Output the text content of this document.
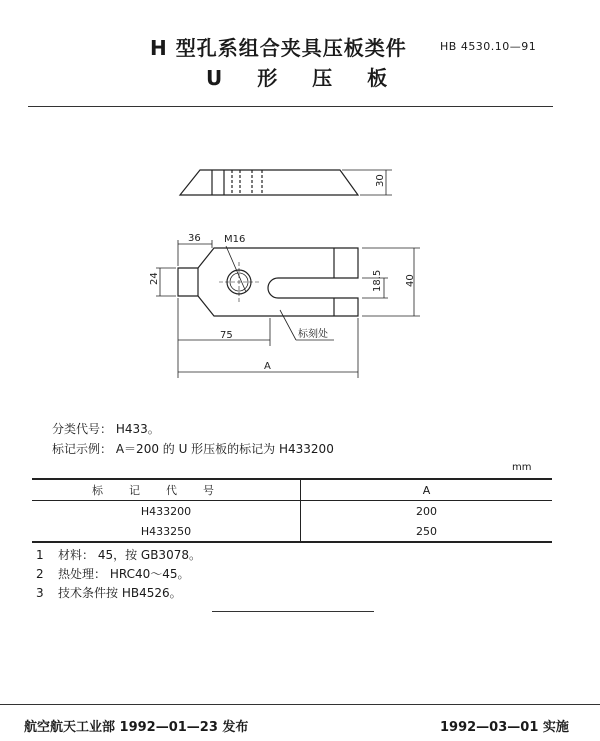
H 型孔系组合夹具压板类件
U 形 压 板
HB 4530.10—91
30
36 M16
24	18.5 40
75
A
标刻处
分类代号： H433。
标记示例： A＝200 的 U 形压板的标记为 H433200
mm
标记代号	A
H433200	200
H433250	250
1 材料： 45，按 GB3078。
2 热处理： HRC40～45。
3 技术条件按 HB4526。
航空航天工业部 1992—01—23 发布	1992—03—01 实施
